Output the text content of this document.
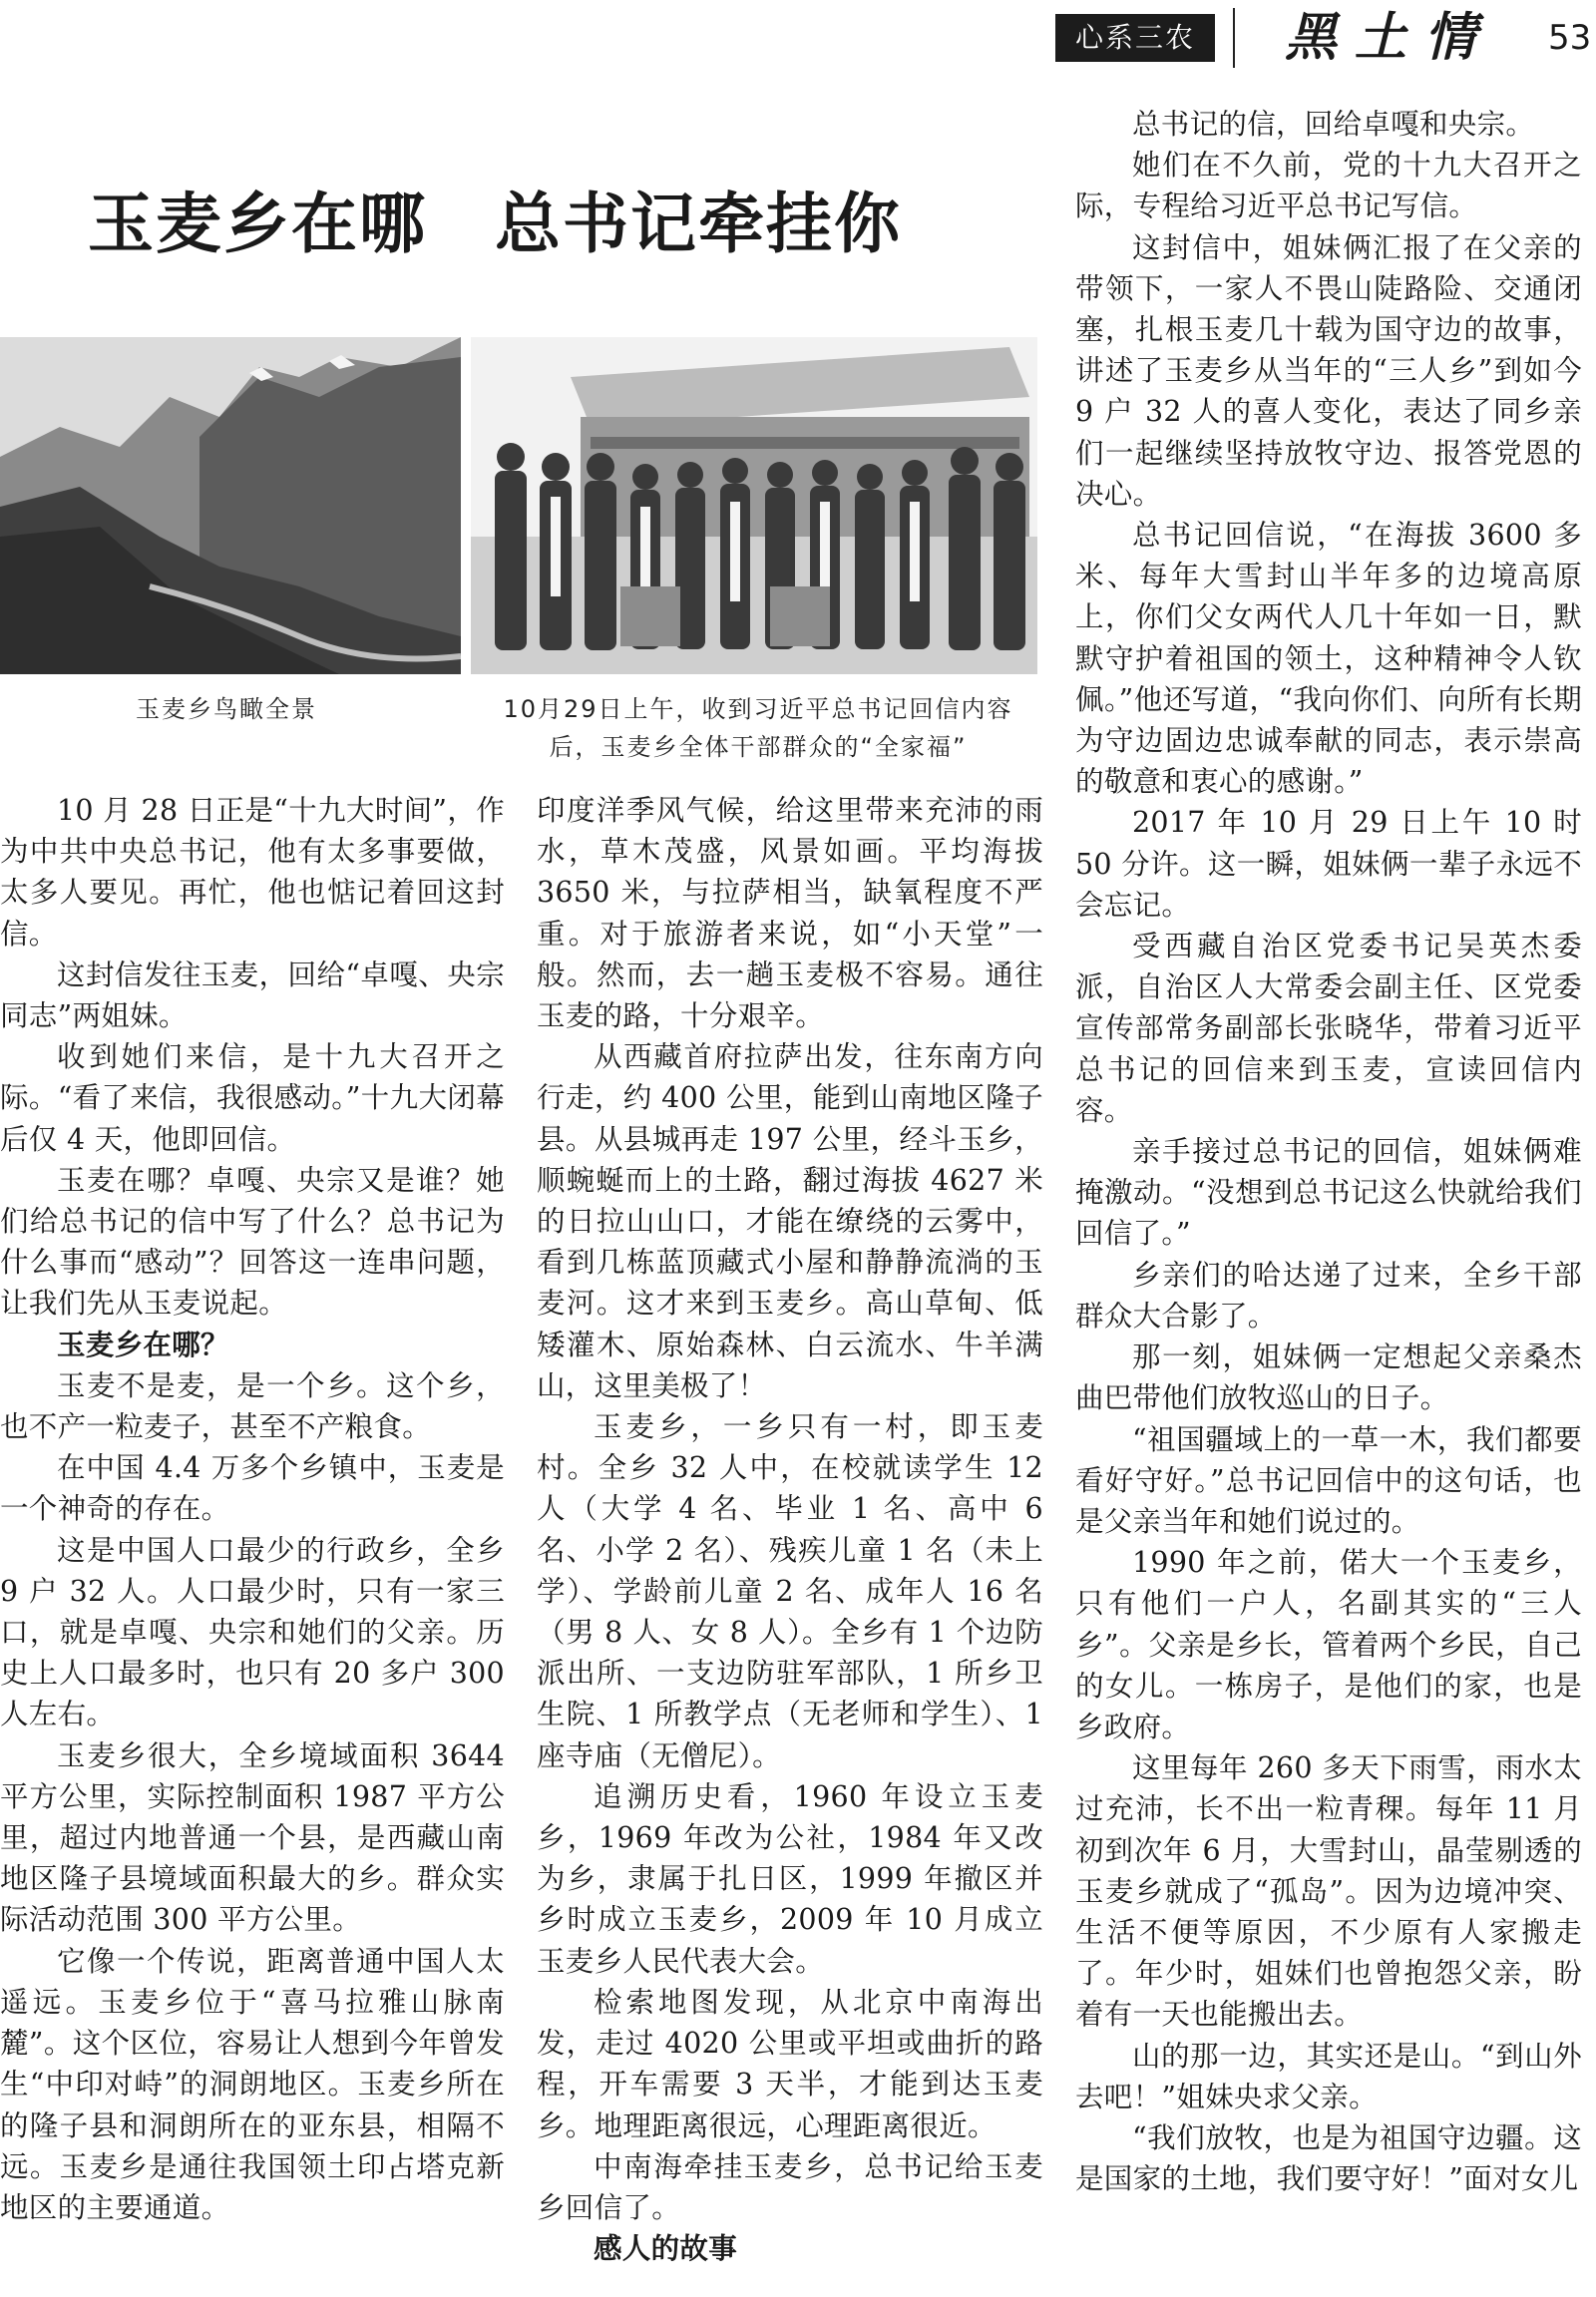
心系三农	黑土情 53
玉麦乡在哪　总书记牵挂你
玉麦乡鸟瞰全景	10月29日上午，收到习近平总书记回信内容后，玉麦乡全体干部群众的“全家福”

10 月 28 日正是“十九大时间”，作为中共中央总书记，他有太多事要做，太多人要见。再忙，他也惦记着回这封信。

这封信发往玉麦，回给“卓嘎、央宗同志”两姐妹。

收到她们来信，是十九大召开之际。“看了来信，我很感动。”十九大闭幕后仅 4 天，他即回信。

玉麦在哪？卓嘎、央宗又是谁？她们给总书记的信中写了什么？总书记为什么事而“感动”？回答这一连串问题，让我们先从玉麦说起。

玉麦乡在哪？

玉麦不是麦，是一个乡。这个乡，也不产一粒麦子，甚至不产粮食。

在中国 4.4 万多个乡镇中，玉麦是一个神奇的存在。

这是中国人口最少的行政乡，全乡 9 户 32 人。人口最少时，只有一家三口，就是卓嘎、央宗和她们的父亲。历史上人口最多时，也只有 20 多户 300 人左右。

玉麦乡很大，全乡境域面积 3644 平方公里，实际控制面积 1987 平方公里，超过内地普通一个县，是西藏山南地区隆子县境域面积最大的乡。群众实际活动范围 300 平方公里。

它像一个传说，距离普通中国人太遥远。玉麦乡位于“喜马拉雅山脉南麓”。这个区位，容易让人想到今年曾发生“中印对峙”的洞朗地区。玉麦乡所在的隆子县和洞朗所在的亚东县，相隔不远。玉麦乡是通往我国领土印占塔克新地区的主要通道。

印度洋季风气候，给这里带来充沛的雨水，草木茂盛，风景如画。平均海拔 3650 米，与拉萨相当，缺氧程度不严重。对于旅游者来说，如“小天堂”一般。然而，去一趟玉麦极不容易。通往玉麦的路，十分艰辛。

从西藏首府拉萨出发，往东南方向行走，约 400 公里，能到山南地区隆子县。从县城再走 197 公里，经斗玉乡，顺蜿蜒而上的土路，翻过海拔 4627 米的日拉山山口，才能在缭绕的云雾中，看到几栋蓝顶藏式小屋和静静流淌的玉麦河。这才来到玉麦乡。高山草甸、低矮灌木、原始森林、白云流水、牛羊满山，这里美极了！

玉麦乡，一乡只有一村，即玉麦村。全乡 32 人中，在校就读学生 12 人（大学 4 名、毕业 1 名、高中 6 名、小学 2 名）、残疾儿童 1 名（未上学）、学龄前儿童 2 名、成年人 16 名（男 8 人、女 8 人）。全乡有 1 个边防派出所、一支边防驻军部队，1 所乡卫生院、1 所教学点（无老师和学生）、1 座寺庙（无僧尼）。

追溯历史看，1960 年设立玉麦乡，1969 年改为公社，1984 年又改为乡，隶属于扎日区，1999 年撤区并乡时成立玉麦乡，2009 年 10 月成立玉麦乡人民代表大会。

检索地图发现，从北京中南海出发，走过 4020 公里或平坦或曲折的路程，开车需要 3 天半，才能到达玉麦乡。地理距离很远，心理距离很近。

中南海牵挂玉麦乡，总书记给玉麦乡回信了。

感人的故事

总书记的信，回给卓嘎和央宗。

她们在不久前，党的十九大召开之际，专程给习近平总书记写信。

这封信中，姐妹俩汇报了在父亲的带领下，一家人不畏山陡路险、交通闭塞，扎根玉麦几十载为国守边的故事，讲述了玉麦乡从当年的“三人乡”到如今 9 户 32 人的喜人变化，表达了同乡亲们一起继续坚持放牧守边、报答党恩的决心。

总书记回信说，“在海拔 3600 多米、每年大雪封山半年多的边境高原上，你们父女两代人几十年如一日，默默守护着祖国的领土，这种精神令人钦佩。”他还写道，“我向你们、向所有长期为守边固边忠诚奉献的同志，表示崇高的敬意和衷心的感谢。”

2017 年 10 月 29 日上午 10 时 50 分许。这一瞬，姐妹俩一辈子永远不会忘记。

受西藏自治区党委书记吴英杰委派，自治区人大常委会副主任、区党委宣传部常务副部长张晓华，带着习近平总书记的回信来到玉麦，宣读回信内容。

亲手接过总书记的回信，姐妹俩难掩激动。“没想到总书记这么快就给我们回信了。”

乡亲们的哈达递了过来，全乡干部群众大合影了。

那一刻，姐妹俩一定想起父亲桑杰曲巴带他们放牧巡山的日子。

“祖国疆域上的一草一木，我们都要看好守好。”总书记回信中的这句话，也是父亲当年和她们说过的。

1990 年之前，偌大一个玉麦乡，只有他们一户人，名副其实的“三人乡”。父亲是乡长，管着两个乡民，自己的女儿。一栋房子，是他们的家，也是乡政府。

这里每年 260 多天下雨雪，雨水太过充沛，长不出一粒青稞。每年 11 月初到次年 6 月，大雪封山，晶莹剔透的玉麦乡就成了“孤岛”。因为边境冲突、生活不便等原因，不少原有人家搬走了。年少时，姐妹们也曾抱怨父亲，盼着有一天也能搬出去。

山的那一边，其实还是山。“到山外去吧！”姐妹央求父亲。

“我们放牧，也是为祖国守边疆。这是国家的土地，我们要守好！”面对女儿
